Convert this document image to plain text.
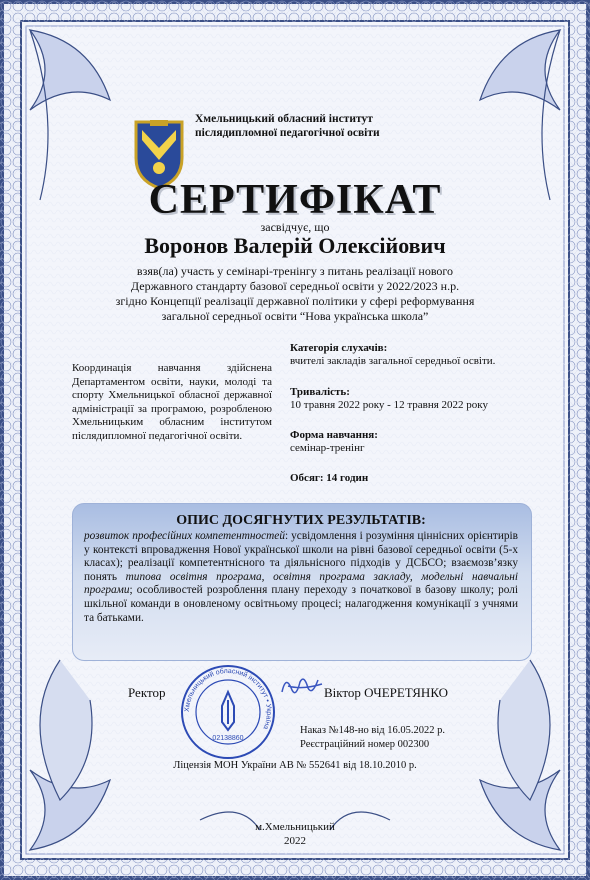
Хмельницький обласний інститут
післядипломної педагогічної освіти
СЕРТИФІКАТ
засвідчує, що
Воронов Валерій Олексійович
взяв(ла) участь у семінарі-тренінгу з питань реалізації нового
Державного стандарту базової середньої освіти у 2022/2023 н.р.
згідно Концепції реалізації державної політики у сфері реформування
загальної середньої освіти “Нова українська школа”
Координація навчання здійснена Департаментом освіти, науки, молоді та спорту Хмельницької обласної державної адміністрації за програмою, розробленою Хмельницьким обласним інститутом післядипломної педагогічної освіти.
Категорія слухачів:
вчителі закладів загальної середньої освіти.
Тривалість:
10 травня 2022 року - 12 травня 2022 року
Форма навчання:
семінар-тренінг
Обсяг: 14 годин
ОПИС ДОСЯГНУТИХ РЕЗУЛЬТАТІВ:
розвиток професійних компетентностей: усвідомлення і розуміння ціннісних орієнтирів у контексті впровадження Нової української школи на рівні базової середньої освіти (5-х класах); реалізації компетентнісного та діяльнісного підходів у ДСБСО; взаємозв’язку понять типова освітня програма, освітня програма закладу, модельні навчальні програми; особливостей розроблення плану переходу з початкової в базову школу; ролі шкільної команди в оновленому освітньому процесі; налагодження комунікації з учнями та батьками.
Ректор
Хмельницький обласний інститут • Україна
02138860
Віктор ОЧЕРЕТЯНКО
Наказ №148-но від 16.05.2022 р.
Реєстраційний номер 002300
Ліцензія МОН України АВ № 552641 від 18.10.2010 р.
м.Хмельницький
2022
